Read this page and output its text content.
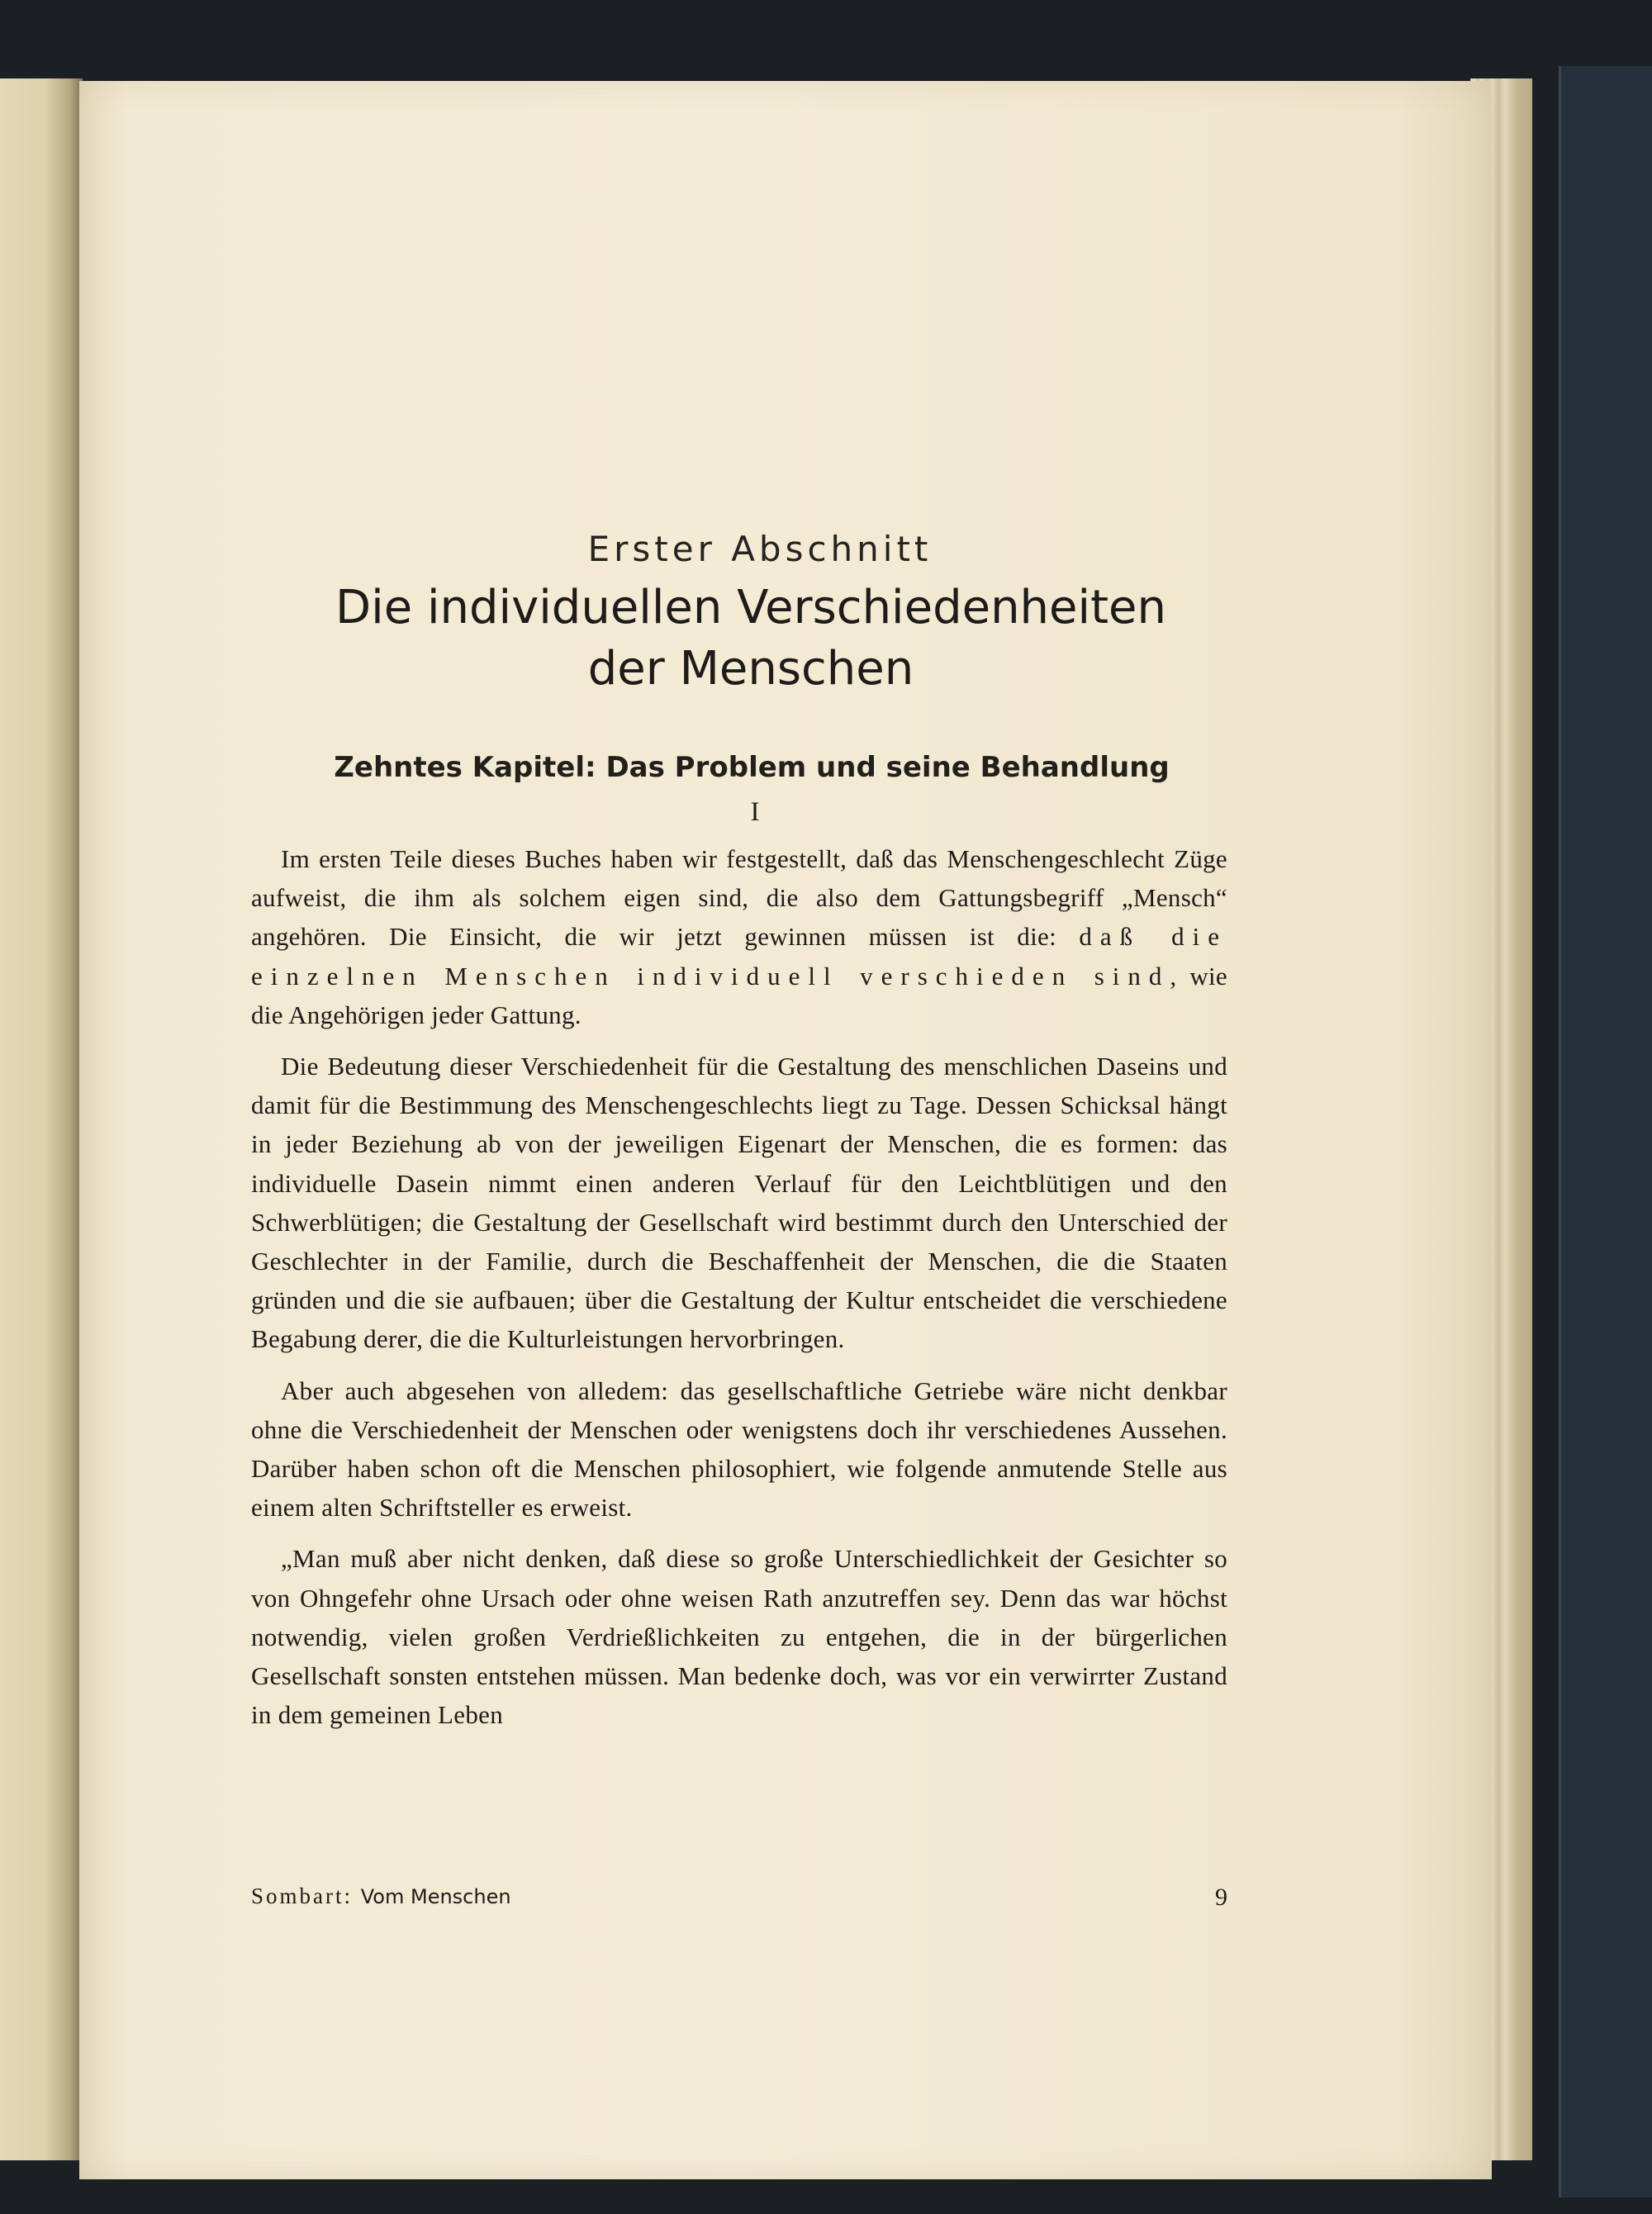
Erster Abschnitt
Die individuellen Verschiedenheiten
der Menschen
Zehntes Kapitel: Das Problem und seine Behandlung
I

Im ersten Teile dieses Buches haben wir festgestellt, daß das Menschengeschlecht Züge aufweist, die ihm als solchem eigen sind, die also dem Gattungsbegriff „Mensch“ angehören. Die Einsicht, die wir jetzt gewinnen müssen ist die: daß die einzelnen Menschen individuell verschieden sind, wie die Angehörigen jeder Gattung.

Die Bedeutung dieser Verschiedenheit für die Gestaltung des menschlichen Daseins und damit für die Bestimmung des Menschengeschlechts liegt zu Tage. Dessen Schicksal hängt in jeder Beziehung ab von der jeweiligen Eigenart der Menschen, die es formen: das individuelle Dasein nimmt einen anderen Verlauf für den Leichtblütigen und den Schwerblütigen; die Gestaltung der Gesellschaft wird bestimmt durch den Unterschied der Geschlechter in der Familie, durch die Beschaffenheit der Menschen, die die Staaten gründen und die sie aufbauen; über die Gestaltung der Kultur entscheidet die verschiedene Begabung derer, die die Kulturleistungen hervorbringen.

Aber auch abgesehen von alledem: das gesellschaftliche Getriebe wäre nicht denkbar ohne die Verschiedenheit der Menschen oder wenigstens doch ihr verschiedenes Aussehen. Darüber haben schon oft die Menschen philosophiert, wie folgende anmutende Stelle aus einem alten Schriftsteller es erweist.

„Man muß aber nicht denken, daß diese so große Unterschiedlichkeit der Gesichter so von Ohngefehr ohne Ursach oder ohne weisen Rath anzutreffen sey. Denn das war höchst notwendig, vielen großen Verdrießlichkeiten zu entgehen, die in der bürgerlichen Gesellschaft sonsten entstehen müssen. Man bedenke doch, was vor ein verwirrter Zustand in dem gemeinen Leben

Sombart: Vom Menschen	9
